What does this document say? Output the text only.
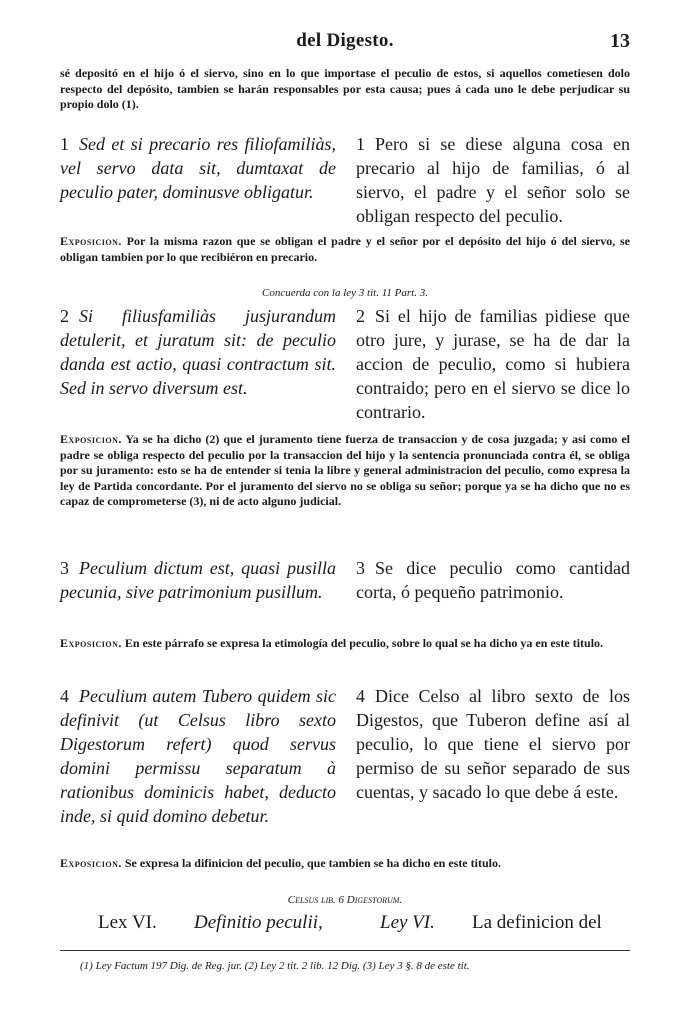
del Digesto.	13
sé depositó en el hijo ó el siervo, sino en lo que importase el peculio de estos, si aquellos cometiesen dolo respecto del depósito, tambien se harán responsables por esta causa; pues á cada uno le debe perjudicar su propio dolo (1).
1 Sed et si precario res filiofamiliàs, vel servo data sit, dumtaxat de peculio pater, dominusve obligatur.
1 Pero si se diese alguna cosa en precario al hijo de familias, ó al siervo, el padre y el señor solo se obligan respecto del peculio.
Exposicion. Por la misma razon que se obligan el padre y el señor por el depósito del hijo ó del siervo, se obligan tambien por lo que recibiéron en precario.
Concuerda con la ley 3 tit. 11 Part. 3.
2 Si filiusfamiliàs jusjurandum detulerit, et juratum sit: de peculio danda est actio, quasi contractum sit. Sed in servo diversum est.
2 Si el hijo de familias pidiese que otro jure, y jurase, se ha de dar la accion de peculio, como si hubiera contraido; pero en el siervo se dice lo contrario.
Exposicion. Ya se ha dicho (2) que el juramento tiene fuerza de transaccion y de cosa juzgada; y asi como el padre se obliga respecto del peculio por la transaccion del hijo y la sentencia pronunciada contra él, se obliga por su juramento: esto se ha de entender si tenia la libre y general administracion del peculio, como expresa la ley de Partida concordante. Por el juramento del siervo no se obliga su señor; porque ya se ha dicho que no es capaz de comprometerse (3), ni de acto alguno judicial.
3 Peculium dictum est, quasi pusilla pecunia, sive patrimonium pusillum.
3 Se dice peculio como cantidad corta, ó pequeño patrimonio.
Exposicion. En este párrafo se expresa la etimología del peculio, sobre lo qual se ha dicho ya en este titulo.
4 Peculium autem Tubero quidem sic definivit (ut Celsus libro sexto Digestorum refert) quod servus domini permissu separatum à rationibus dominicis habet, deducto inde, si quid domino debetur.
4 Dice Celso al libro sexto de los Digestos, que Tuberon define así al peculio, lo que tiene el siervo por permiso de su señor separado de sus cuentas, y sacado lo que debe á este.
Exposicion. Se expresa la difinicion del peculio, que tambien se ha dicho en este titulo.
Celsus lib. 6 Digestorum.
Lex VI. Definitio peculii,	Ley VI. La definicion del
(1) Ley Factum 197 Dig. de Reg. jur. (2) Ley 2 tit. 2 lib. 12 Dig. (3) Ley 3 §. 8 de este tit.
